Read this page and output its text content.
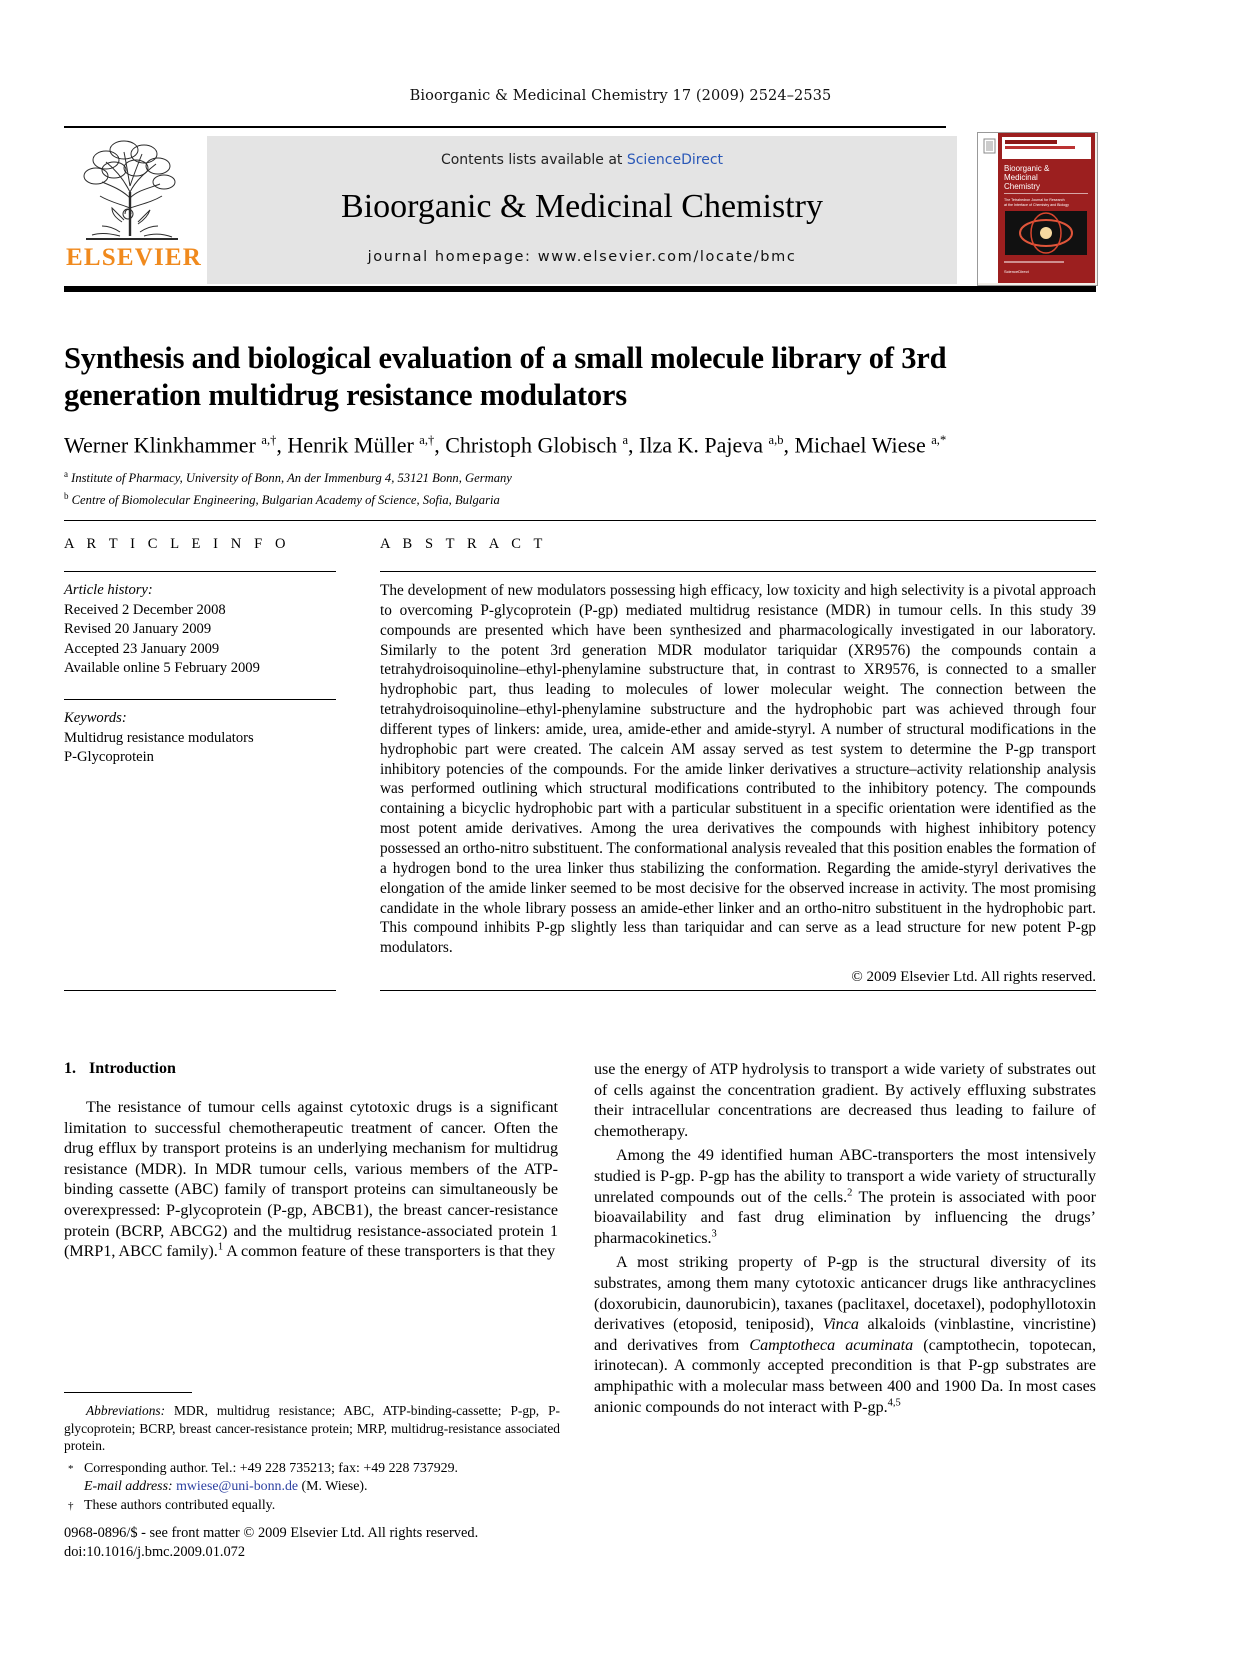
Bioorganic & Medicinal Chemistry 17 (2009) 2524–2535
ELSEVIER
Contents lists available at ScienceDirect
Bioorganic & Medicinal Chemistry
journal homepage: www.elsevier.com/locate/bmc
Bioorganic &
Medicinal
Chemistry
The Tetrahedron Journal for Research
at the Interface of Chemistry and Biology
ScienceDirect
Synthesis and biological evaluation of a small molecule library of 3rd generation multidrug resistance modulators
Werner Klinkhammer $^{a,\dagger}$, Henrik Müller $^{a,\dagger}$, Christoph Globisch $^a$, Ilza K. Pajeva $^{a,b}$, Michael Wiese $^{a,*}$
$^a$ Institute of Pharmacy, University of Bonn, An der Immenburg 4, 53121 Bonn, Germany
$^b$ Centre of Biomolecular Engineering, Bulgarian Academy of Science, Sofia, Bulgaria
A R T I C L E I N F O
Article history:
Received 2 December 2008
Revised 20 January 2009
Accepted 23 January 2009
Available online 5 February 2009
Keywords:
Multidrug resistance modulators
P-Glycoprotein
A B S T R A C T
The development of new modulators possessing high efficacy, low toxicity and high selectivity is a pivotal approach to overcoming P-glycoprotein (P-gp) mediated multidrug resistance (MDR) in tumour cells. In this study 39 compounds are presented which have been synthesized and pharmacologically investigated in our laboratory. Similarly to the potent 3rd generation MDR modulator tariquidar (XR9576) the compounds contain a tetrahydroisoquinoline–ethyl-phenylamine substructure that, in contrast to XR9576, is connected to a smaller hydrophobic part, thus leading to molecules of lower molecular weight. The connection between the tetrahydroisoquinoline–ethyl-phenylamine substructure and the hydrophobic part was achieved through four different types of linkers: amide, urea, amide-ether and amide-styryl. A number of structural modifications in the hydrophobic part were created. The calcein AM assay served as test system to determine the P-gp transport inhibitory potencies of the compounds. For the amide linker derivatives a structure–activity relationship analysis was performed outlining which structural modifications contributed to the inhibitory potency. The compounds containing a bicyclic hydrophobic part with a particular substituent in a specific orientation were identified as the most potent amide derivatives. Among the urea derivatives the compounds with highest inhibitory potency possessed an ortho-nitro substituent. The conformational analysis revealed that this position enables the formation of a hydrogen bond to the urea linker thus stabilizing the conformation. Regarding the amide-styryl derivatives the elongation of the amide linker seemed to be most decisive for the observed increase in activity. The most promising candidate in the whole library possess an amide-ether linker and an ortho-nitro substituent in the hydrophobic part. This compound inhibits P-gp slightly less than tariquidar and can serve as a lead structure for new potent P-gp modulators.
© 2009 Elsevier Ltd. All rights reserved.
1. Introduction

The resistance of tumour cells against cytotoxic drugs is a significant limitation to successful chemotherapeutic treatment of cancer. Often the drug efflux by transport proteins is an underlying mechanism for multidrug resistance (MDR). In MDR tumour cells, various members of the ATP-binding cassette (ABC) family of transport proteins can simultaneously be overexpressed: P-glycoprotein (P-gp, ABCB1), the breast cancer-resistance protein (BCRP, ABCG2) and the multidrug resistance-associated protein 1 (MRP1, ABCC family).$^1$ A common feature of these transporters is that they

use the energy of ATP hydrolysis to transport a wide variety of substrates out of cells against the concentration gradient. By actively effluxing substrates their intracellular concentrations are decreased thus leading to failure of chemotherapy.

Among the 49 identified human ABC-transporters the most intensively studied is P-gp. P-gp has the ability to transport a wide variety of structurally unrelated compounds out of the cells.$^2$ The protein is associated with poor bioavailability and fast drug elimination by influencing the drugs’ pharmacokinetics.$^3$

A most striking property of P-gp is the structural diversity of its substrates, among them many cytotoxic anticancer drugs like anthracyclines (doxorubicin, daunorubicin), taxanes (paclitaxel, docetaxel), podophyllotoxin derivatives (etoposid, teniposid), Vinca alkaloids (vinblastine, vincristine) and derivatives from Camptotheca acuminata (camptothecin, topotecan, irinotecan). A commonly accepted precondition is that P-gp substrates are amphipathic with a molecular mass between 400 and 1900 Da. In most cases anionic compounds do not interact with P-gp.$^{4,5}$

Abbreviations: MDR, multidrug resistance; ABC, ATP-binding-cassette; P-gp, P-glycoprotein; BCRP, breast cancer-resistance protein; MRP, multidrug-resistance associated protein.

* Corresponding author. Tel.: +49 228 735213; fax: +49 228 737929.

E-mail address: mwiese@uni-bonn.de (M. Wiese).

† These authors contributed equally.

0968-0896/$ - see front matter © 2009 Elsevier Ltd. All rights reserved.
doi:10.1016/j.bmc.2009.01.072
